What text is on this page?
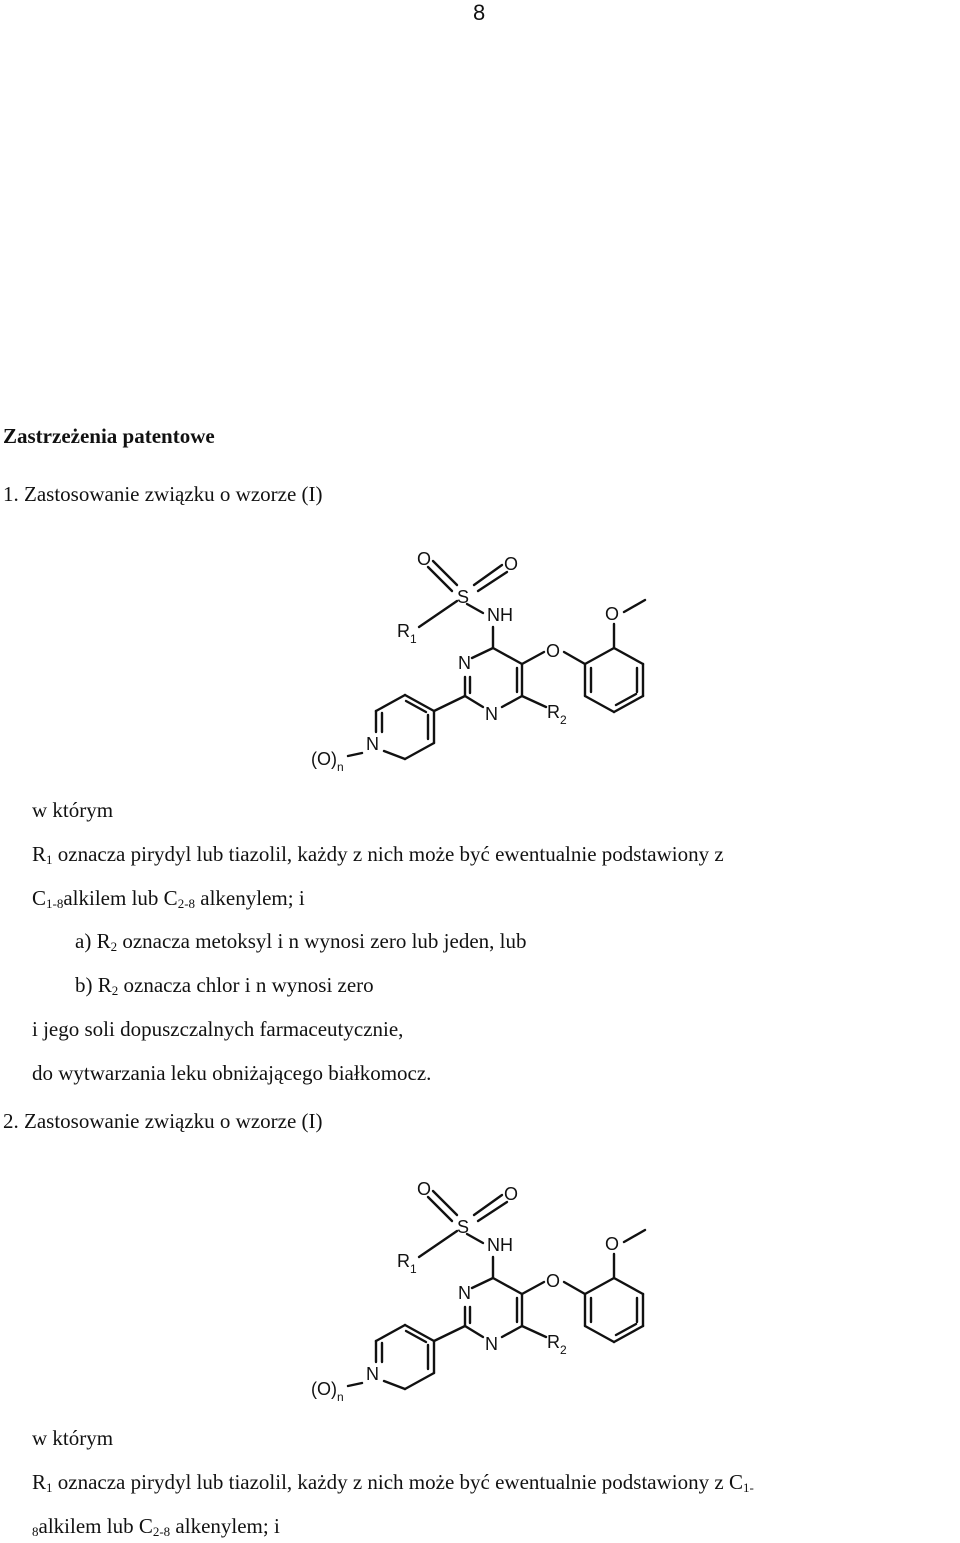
8
Zastrzeżenia patentowe
1. Zastosowanie związku o wzorze (I)
O	O
S
NH
$R_1$
N
N
O
O
$R_2$
N
$(O)_n$
w którym
$R_1$ oznacza pirydyl lub tiazolil, każdy z nich może być ewentualnie podstawiony z
$C_{1-8}alkilem$ lub $C_{2-8}$ alkenylem; i
a) $R_2$ oznacza metoksyl i n wynosi zero lub jeden, lub
b) $R_2$ oznacza chlor i n wynosi zero
i jego soli dopuszczalnych farmaceutycznie,
do wytwarzania leku obniżającego białkomocz.
2. Zastosowanie związku o wzorze (I)
O	O
S
NH
$R_1$
N
N
O
O
$R_2$
N
$(O)_n$
w którym
$R_1$ oznacza pirydyl lub tiazolil, każdy z nich może być ewentualnie podstawiony z $C_{1-}$
$_8$alkilem lub $C_{2-8}$ alkenylem; i
